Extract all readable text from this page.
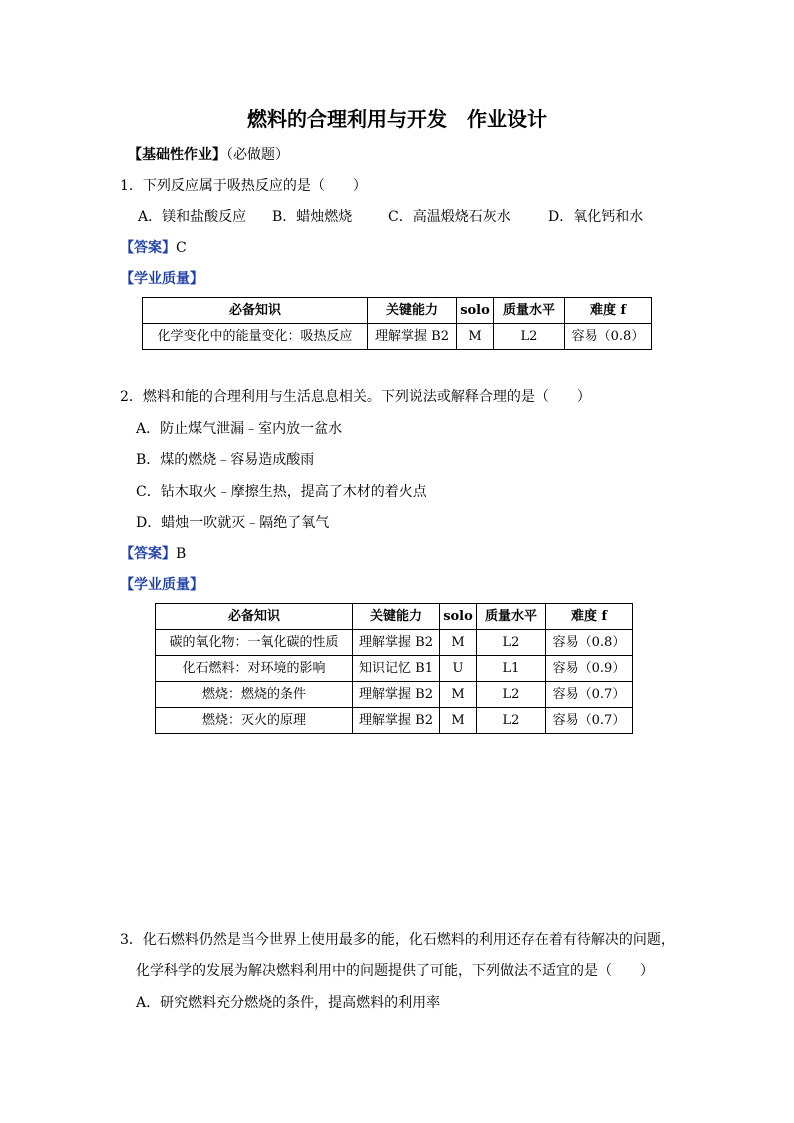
燃料的合理利用与开发　作业设计
【基础性作业】（必做题）
1．下列反应属于吸热反应的是（　　）
A．镁和盐酸反应 B．蜡烛燃烧	C．高温煅烧石灰水	D．氧化钙和水
【答案】C
【学业质量】
必备知识	关键能力	solo	质量水平	难度 f
化学变化中的能量变化：吸热反应	理解掌握 B2	M	L2	容易（0.8）
2．燃料和能的合理利用与生活息息相关。下列说法或解释合理的是（　　）
A．防止煤气泄漏﹣室内放一盆水
B．煤的燃烧﹣容易造成酸雨
C．钻木取火﹣摩擦生热，提高了木材的着火点
D．蜡烛一吹就灭﹣隔绝了氧气
【答案】B
【学业质量】
必备知识	关键能力	solo	质量水平	难度 f
碳的氧化物：一氧化碳的性质	理解掌握 B2	M	L2	容易（0.8）
化石燃料：对环境的影响	知识记忆 B1	U	L1	容易（0.9）
燃烧：燃烧的条件	理解掌握 B2	M	L2	容易（0.7）
燃烧：灭火的原理	理解掌握 B2	M	L2	容易（0.7）
3．化石燃料仍然是当今世界上使用最多的能，化石燃料的利用还存在着有待解决的问题，
化学科学的发展为解决燃料利用中的问题提供了可能，下列做法不适宜的是（　　）
A．研究燃料充分燃烧的条件，提高燃料的利用率
